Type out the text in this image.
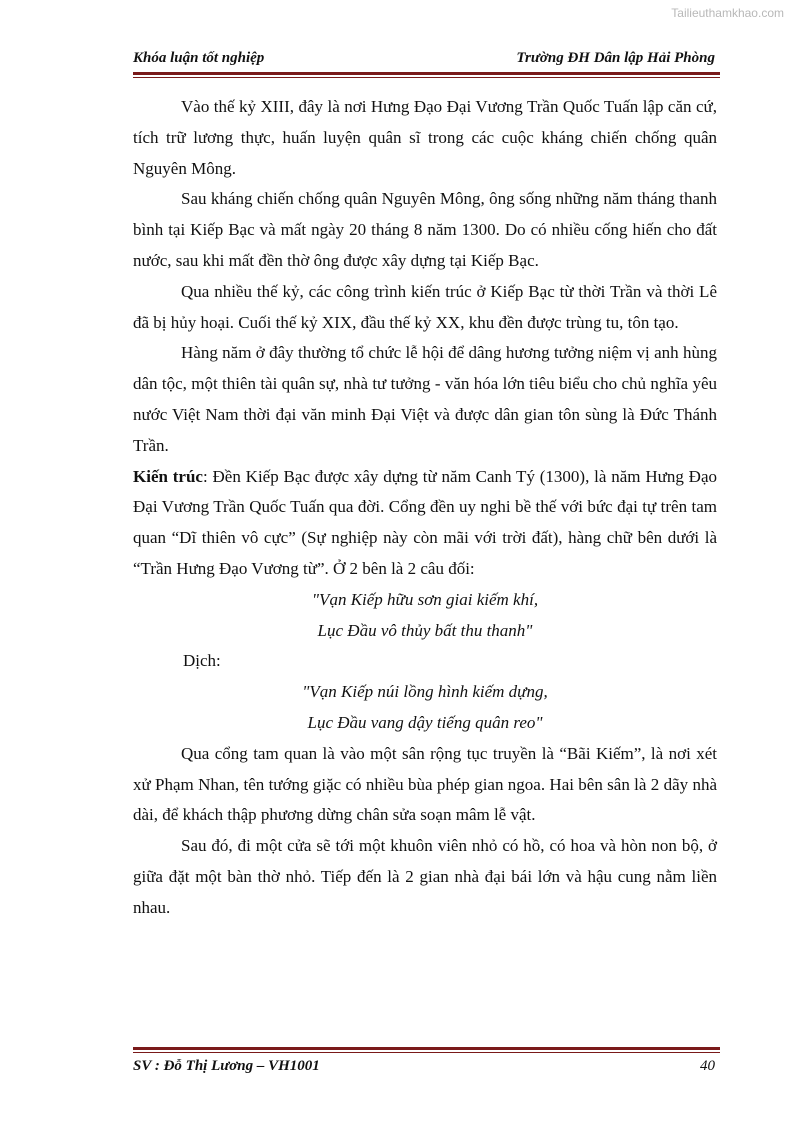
Tailieuthamkhao.com
Khóa luận tốt nghiệp	Trường ĐH Dân lập Hải Phòng

Vào thế kỷ XIII, đây là nơi Hưng Đạo Đại Vương Trần Quốc Tuấn lập căn cứ, tích trữ lương thực, huấn luyện quân sĩ trong các cuộc kháng chiến chống quân Nguyên Mông.

Sau kháng chiến chống quân Nguyên Mông, ông sống những năm tháng thanh bình tại Kiếp Bạc và mất ngày 20 tháng 8 năm 1300. Do có nhiều cống hiến cho đất nước, sau khi mất đền thờ ông được xây dựng tại Kiếp Bạc.

Qua nhiều thế kỷ, các công trình kiến trúc ở Kiếp Bạc từ thời Trần và thời Lê đã bị hủy hoại. Cuối thế kỷ XIX, đầu thế kỷ XX, khu đền được trùng tu, tôn tạo.

Hàng năm ở đây thường tổ chức lễ hội để dâng hương tưởng niệm vị anh hùng dân tộc, một thiên tài quân sự, nhà tư tưởng - văn hóa lớn tiêu biểu cho chủ nghĩa yêu nước Việt Nam thời đại văn minh Đại Việt và được dân gian tôn sùng là Đức Thánh Trần.

Kiến trúc: Đền Kiếp Bạc được xây dựng từ năm Canh Tý (1300), là năm Hưng Đạo Đại Vương Trần Quốc Tuấn qua đời. Cổng đền uy nghi bề thế với bức đại tự trên tam quan “Dĩ thiên vô cực” (Sự nghiệp này còn mãi với trời đất), hàng chữ bên dưới là “Trần Hưng Đạo Vương từ”. Ở 2 bên là 2 câu đối:

"Vạn Kiếp hữu sơn giai kiếm khí,

Lục Đầu vô thủy bất thu thanh"

Dịch:

"Vạn Kiếp núi lồng hình kiếm dựng,

Lục Đầu vang dậy tiếng quân reo"

Qua cổng tam quan là vào một sân rộng tục truyền là “Bãi Kiếm”, là nơi xét xử Phạm Nhan, tên tướng giặc có nhiều bùa phép gian ngoa. Hai bên sân là 2 dãy nhà dài, để khách thập phương dừng chân sửa soạn mâm lễ vật.

Sau đó, đi một cửa sẽ tới một khuôn viên nhỏ có hồ, có hoa và hòn non bộ, ở giữa đặt một bàn thờ nhỏ. Tiếp đến là 2 gian nhà đại bái lớn và hậu cung nằm liền nhau.

SV : Đỗ Thị Lương – VH1001	40
